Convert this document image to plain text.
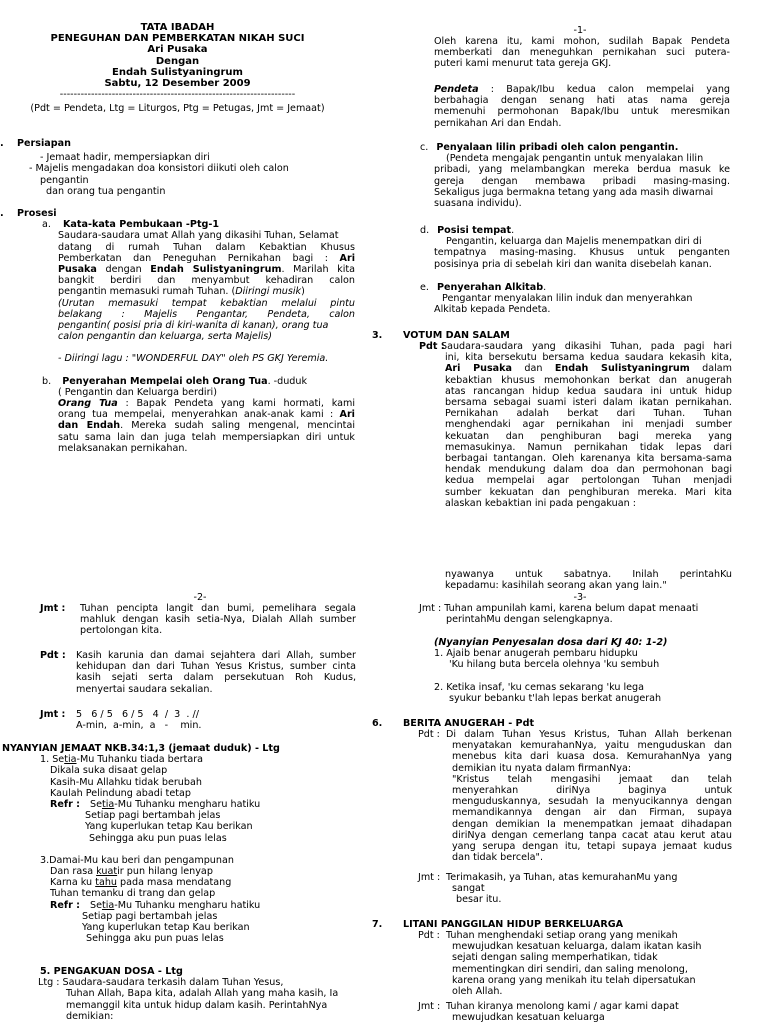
TATA IBADAH
PENEGUHAN DAN PEMBERKATAN NIKAH SUCI
Ari Pusaka
Dengan
Endah Sulistyaningrum
Sabtu, 12 Desember 2009
--------------------------------------------------------------------
(Pdt = Pendeta, Ltg = Liturgos, Ptg = Petugas, Jmt = Jemaat)
. Persiapan
- Jemaat hadir, mempersiapkan diri
- Majelis mengadakan doa konsistori diikuti oleh calon
pengantin
dan orang tua pengantin
. Prosesi
a. Kata-kata Pembukaan -Ptg-1
Saudara-saudara umat Allah yang dikasihi Tuhan, Selamat
datang di rumah Tuhan dalam Kebaktian Khusus
Pemberkatan dan Peneguhan Pernikahan bagi : Ari
Pusaka dengan Endah Sulistyaningrum. Marilah kita
bangkit berdiri dan menyambut kehadiran calon
pengantin memasuki rumah Tuhan. (Diiringi musik)
(Urutan memasuki tempat kebaktian melalui pintu
belakang : Majelis Pengantar, Pendeta, calon
pengantin( posisi pria di kiri-wanita di kanan), orang tua
calon pengantin dan keluarga, serta Majelis)
- Diiringi lagu : "WONDERFUL DAY" oleh PS GKJ Yeremia.
b. Penyerahan Mempelai oleh Orang Tua. -duduk
( Pengantin dan Keluarga berdiri)
Orang Tua : Bapak Pendeta yang kami hormati, kami
orang tua mempelai, menyerahkan anak-anak kami : Ari
dan Endah. Mereka sudah saling mengenal, mencintai
satu sama lain dan juga telah mempersiapkan diri untuk
melaksanakan pernikahan.
-2-
Jmt :	Tuhan pencipta langit dan bumi, pemelihara segala
mahluk dengan kasih setia-Nya, Dialah Allah sumber
pertolongan kita.
Pdt :	Kasih karunia dan damai sejahtera dari Allah, sumber
kehidupan dan dari Tuhan Yesus Kristus, sumber cinta
kasih sejati serta dalam persekutuan Roh Kudus,
menyertai saudara sekalian.
Jmt :	5   6 / 5   6 / 5   4  /  3  . //
A-min,  a-min,  a   -    min.
NYANYIAN JEMAAT NKB.34:1,3 (jemaat duduk) - Ltg
1. Setia-Mu Tuhanku tiada bertara
Dikala suka disaat gelap
Kasih-Mu Allahku tidak berubah
Kaulah Pelindung abadi tetap
Refr : Setia-Mu Tuhanku mengharu hatiku
Setiap pagi bertambah jelas
Yang kuperlukan tetap Kau berikan
Sehingga aku pun puas lelas
3.Damai-Mu kau beri dan pengampunan
Dan rasa kuatir pun hilang lenyap
Karna ku tahu pada masa mendatang
Tuhan temanku di trang dan gelap
Refr : Setia-Mu Tuhanku mengharu hatiku
Setiap pagi bertambah jelas
Yang kuperlukan tetap Kau berikan
Sehingga aku pun puas lelas
5. PENGAKUAN DOSA - Ltg
Ltg : Saudara-saudara terkasih dalam Tuhan Yesus,
Tuhan Allah, Bapa kita, adalah Allah yang maha kasih, Ia
memanggil kita untuk hidup dalam kasih. PerintahNya
demikian:
-1-
Oleh karena itu, kami mohon, sudilah Bapak Pendeta
memberkati dan meneguhkan pernikahan suci putera-
puteri kami menurut tata gereja GKJ.
Pendeta : Bapak/Ibu kedua calon mempelai yang
berbahagia dengan senang hati atas nama gereja
memenuhi permohonan Bapak/Ibu untuk meresmikan
pernikahan Ari dan Endah.
c. Penyalaan lilin pribadi oleh calon pengantin.
(Pendeta mengajak pengantin untuk menyalakan lilin
pribadi, yang melambangkan mereka berdua masuk ke
gereja dengan membawa pribadi masing-masing.
Sekaligus juga bermakna tetang yang ada masih diwarnai
suasana individu).
d. Posisi tempat.
Pengantin, keluarga dan Majelis menempatkan diri di
tempatnya masing-masing. Khusus untuk penganten
posisinya pria di sebelah kiri dan wanita disebelah kanan.
e. Penyerahan Alkitab.
Pengantar menyalakan lilin induk dan menyerahkan
Alkitab kepada Pendeta.
3. VOTUM DAN SALAM
Pdt :
Saudara-saudara yang dikasihi Tuhan, pada pagi hari
ini, kita bersekutu bersama kedua saudara kekasih kita,
Ari Pusaka dan Endah Sulistyaningrum dalam
kebaktian khusus memohonkan berkat dan anugerah
atas rancangan hidup kedua saudara ini untuk hidup
bersama sebagai suami isteri dalam ikatan pernikahan.
Pernikahan adalah berkat dari Tuhan. Tuhan
menghendaki agar pernikahan ini menjadi sumber
kekuatan dan penghiburan bagi mereka yang
memasukinya. Namun pernikahan tidak lepas dari
berbagai tantangan. Oleh karenanya kita bersama-sama
hendak mendukung dalam doa dan permohonan bagi
kedua mempelai agar pertolongan Tuhan menjadi
sumber kekuatan dan penghiburan mereka. Mari kita
alaskan kebaktian ini pada pengakuan :
nyawanya untuk sabatnya. Inilah perintahKu
kepadamu: kasihilah seorang akan yang lain."
-3-
Jmt : Tuhan ampunilah kami, karena belum dapat menaati
perintahMu dengan selengkapnya.
(Nyanyian Penyesalan dosa dari KJ 40: 1-2)
1. Ajaib benar anugerah pembaru hidupku
'Ku hilang buta bercela olehnya 'ku sembuh
2. Ketika insaf, 'ku cemas sekarang 'ku lega
syukur bebanku t'lah lepas berkat anugerah
6. BERITA ANUGERAH - Pdt
Pdt : Di dalam Tuhan Yesus Kristus, Tuhan Allah berkenan
menyatakan kemurahanNya, yaitu menguduskan dan
menebus kita dari kuasa dosa. KemurahanNya yang
demikian itu nyata dalam firmanNya:
"Kristus telah mengasihi jemaat dan telah
menyerahkan diriNya baginya untuk
menguduskannya, sesudah Ia menyucikannya dengan
memandikannya dengan air dan Firman, supaya
dengan demikian Ia menempatkan jemaat dihadapan
diriNya dengan cemerlang tanpa cacat atau kerut atau
yang serupa dengan itu, tetapi supaya jemaat kudus
dan tidak bercela".
Jmt : Terimakasih, ya Tuhan, atas kemurahanMu yang
sangat
besar itu.
7. LITANI PANGGILAN HIDUP BERKELUARGA
Pdt : Tuhan menghendaki setiap orang yang menikah
mewujudkan kesatuan keluarga, dalam ikatan kasih
sejati dengan saling memperhatikan, tidak
mementingkan diri sendiri, dan saling menolong,
karena orang yang menikah itu telah dipersatukan
oleh Allah.
Jmt : Tuhan kiranya menolong kami / agar kami dapat
mewujudkan kesatuan keluarga
